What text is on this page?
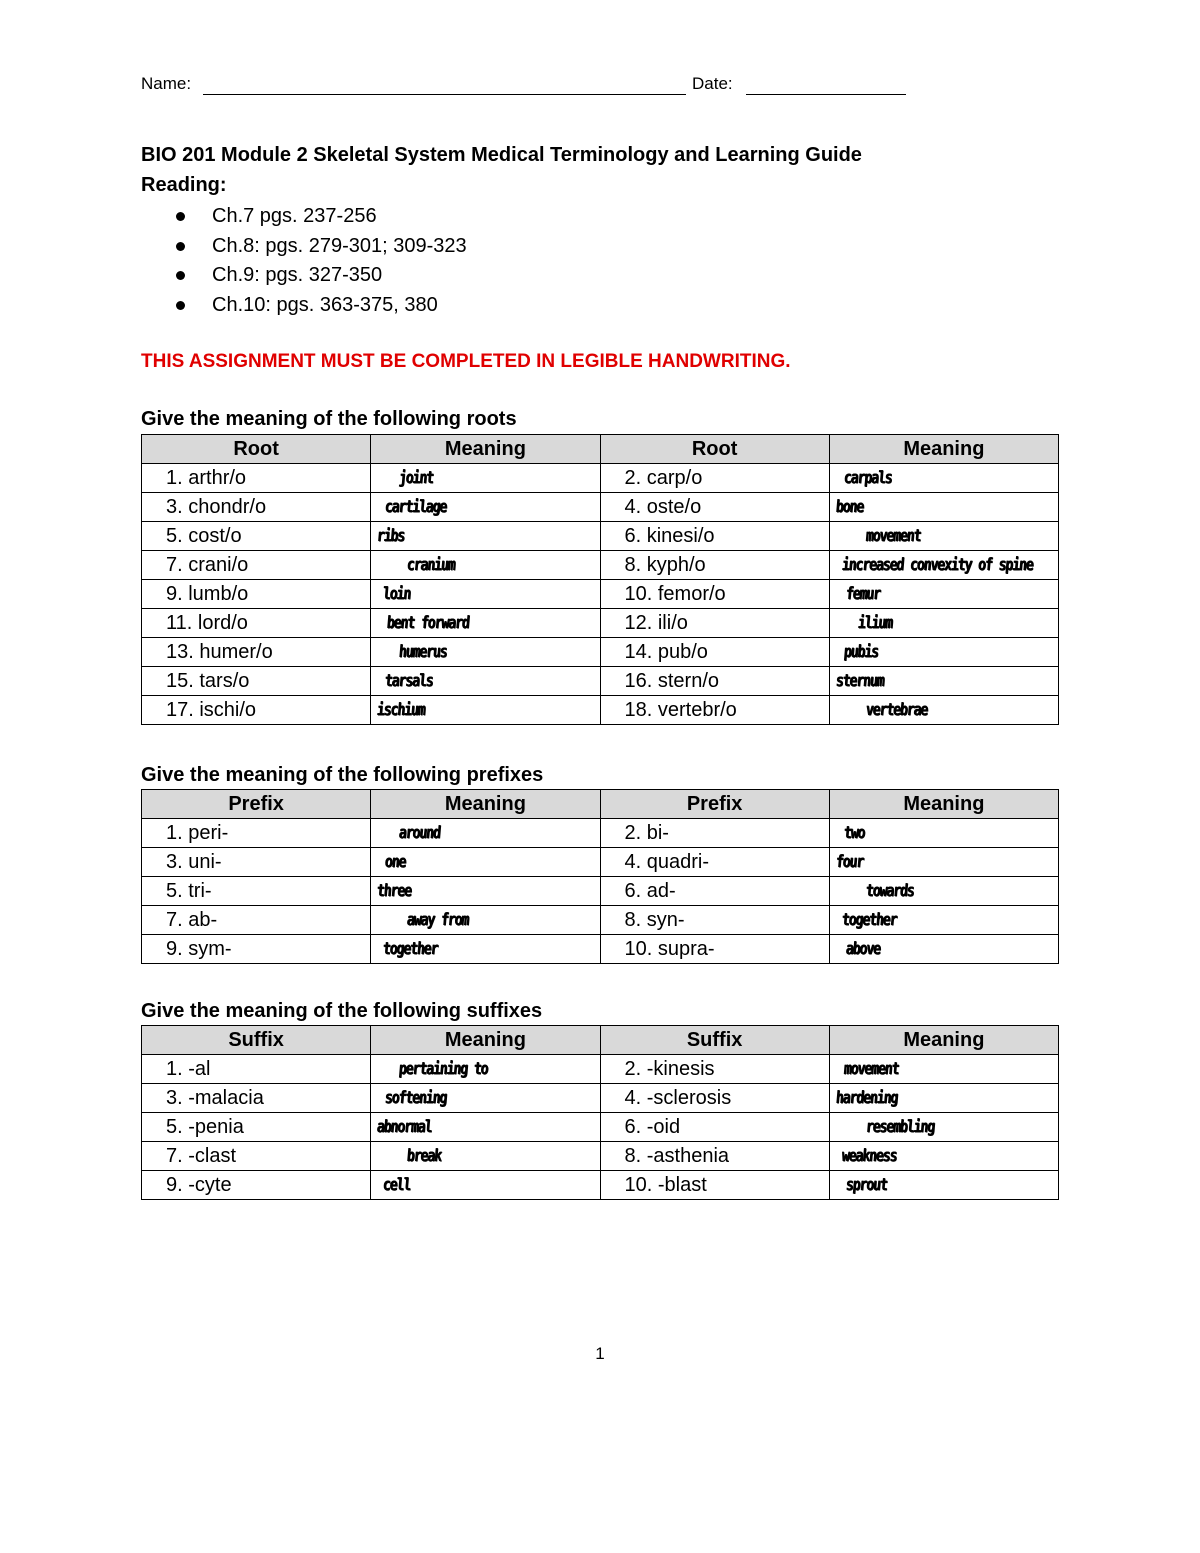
Name:	Date:
BIO 201 Module 2 Skeletal System Medical Terminology and Learning Guide
Reading:
Ch.7 pgs. 237-256
Ch.8: pgs. 279-301; 309-323
Ch.9: pgs. 327-350
Ch.10: pgs. 363-375, 380
THIS ASSIGNMENT MUST BE COMPLETED IN LEGIBLE HANDWRITING.
Give the meaning of the following roots
Root	Meaning	Root	Meaning
1. arthr/o	joint	2. carp/o	carpals

3. chondr/o	cartilage	4. oste/o	bone

5. cost/o	ribs	6. kinesi/o	movement

7. crani/o	cranium	8. kyph/o	increased convexity of spine

9. lumb/o	loin	10. femor/o	femur

11. lord/o	bent forward	12. ili/o	ilium

13. humer/o	humerus	14. pub/o	pubis

15. tars/o	tarsals	16. stern/o	sternum

17. ischi/o	ischium	18. vertebr/o	vertebrae
Give the meaning of the following prefixes
Prefix	Meaning	Prefix	Meaning
1. peri-	around	2. bi-	two

3. uni-	one	4. quadri-	four

5. tri-	three	6. ad-	towards

7. ab-	away from	8. syn-	together

9. sym-	together	10. supra-	above
Give the meaning of the following suffixes
Suffix	Meaning	Suffix	Meaning
1. -al	pertaining to	2. -kinesis	movement

3. -malacia	softening	4. -sclerosis	hardening

5. -penia	abnormal	6. -oid	resembling

7. -clast	break	8. -asthenia	weakness

9. -cyte	cell	10. -blast	sprout
1
